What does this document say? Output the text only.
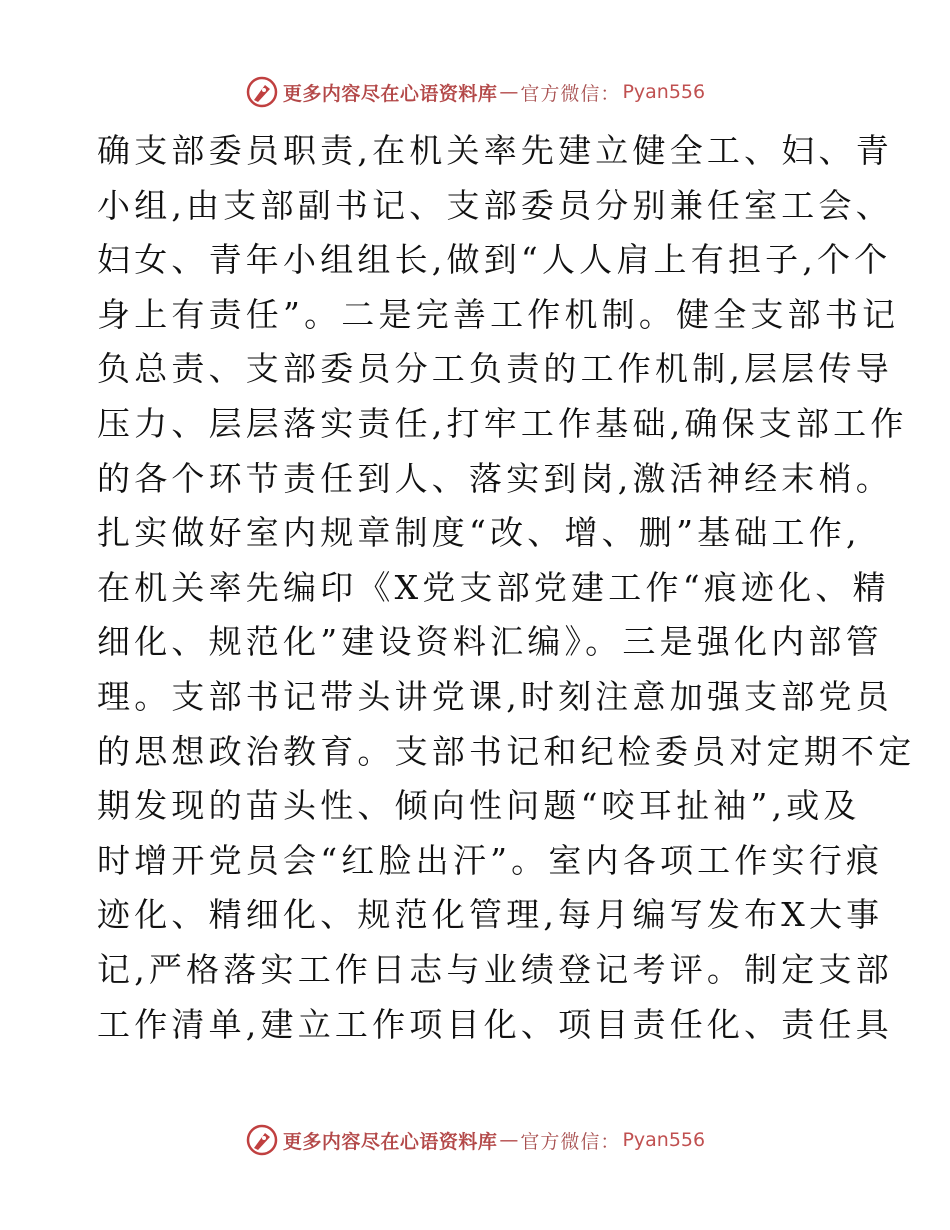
更多内容尽在心语资料库 — 官方微信： Pyan556
确支部委员职责,在机关率先建立健全工、妇、青
小组,由支部副书记、支部委员分别兼任室工会、
妇女、青年小组组长,做到“人人肩上有担子,个个
身上有责任”。二是完善工作机制。健全支部书记
负总责、支部委员分工负责的工作机制,层层传导
压力、层层落实责任,打牢工作基础,确保支部工作
的各个环节责任到人、落实到岗,激活神经末梢。
扎实做好室内规章制度“改、增、删”基础工作,
在机关率先编印《X党支部党建工作“痕迹化、精
细化、规范化”建设资料汇编》。三是强化内部管
理。支部书记带头讲党课,时刻注意加强支部党员
的思想政治教育。支部书记和纪检委员对定期不定
期发现的苗头性、倾向性问题“咬耳扯袖”,或及
时增开党员会“红脸出汗”。室内各项工作实行痕
迹化、精细化、规范化管理,每月编写发布X大事
记,严格落实工作日志与业绩登记考评。制定支部
工作清单,建立工作项目化、项目责任化、责任具
更多内容尽在心语资料库 — 官方微信： Pyan556
